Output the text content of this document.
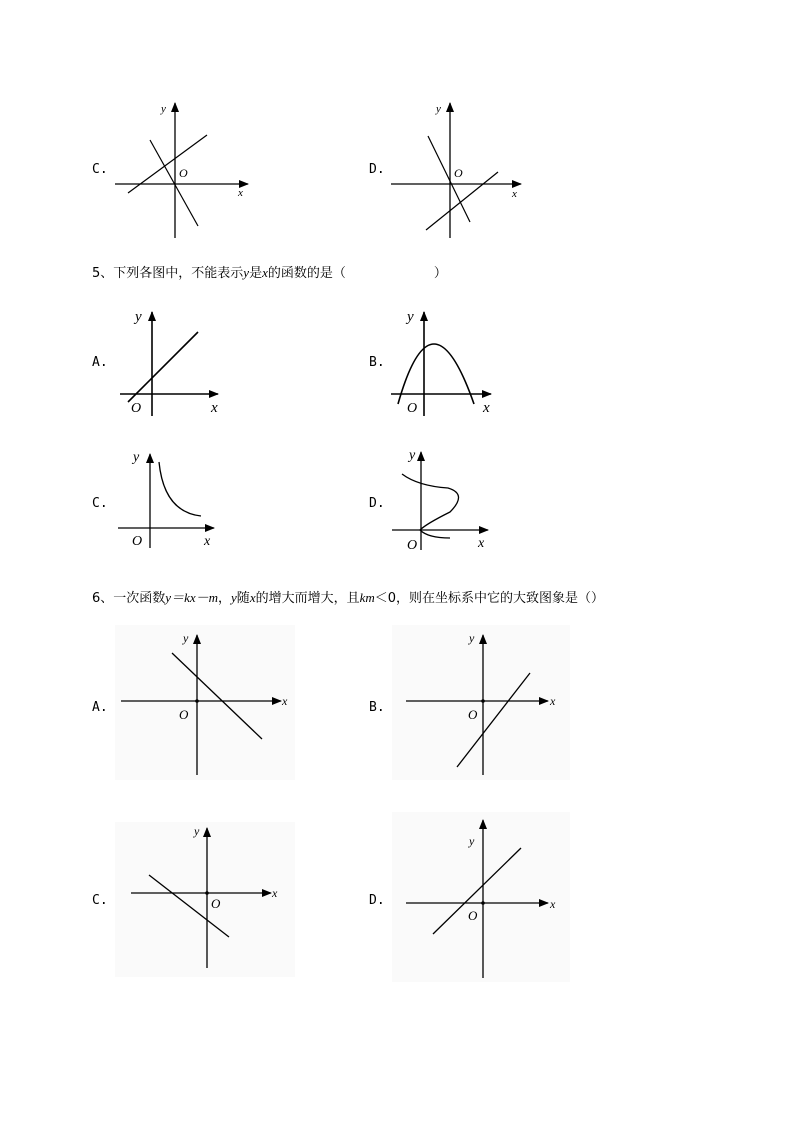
C.
x
y
O	D.
x
y
O
5、下列各图中，不能表示y是x的函数的是（	）
A.
x
y
O
B.
x
y
O
C.
x
y
O
D.
x
y
O
6、一次函数y＝kx－m，y随x的增大而增大，且km＜0，则在坐标系中它的大致图象是（）
A.	x
y
O	B.	x
y
O
C.	x
y
O	D.	x
y
O
